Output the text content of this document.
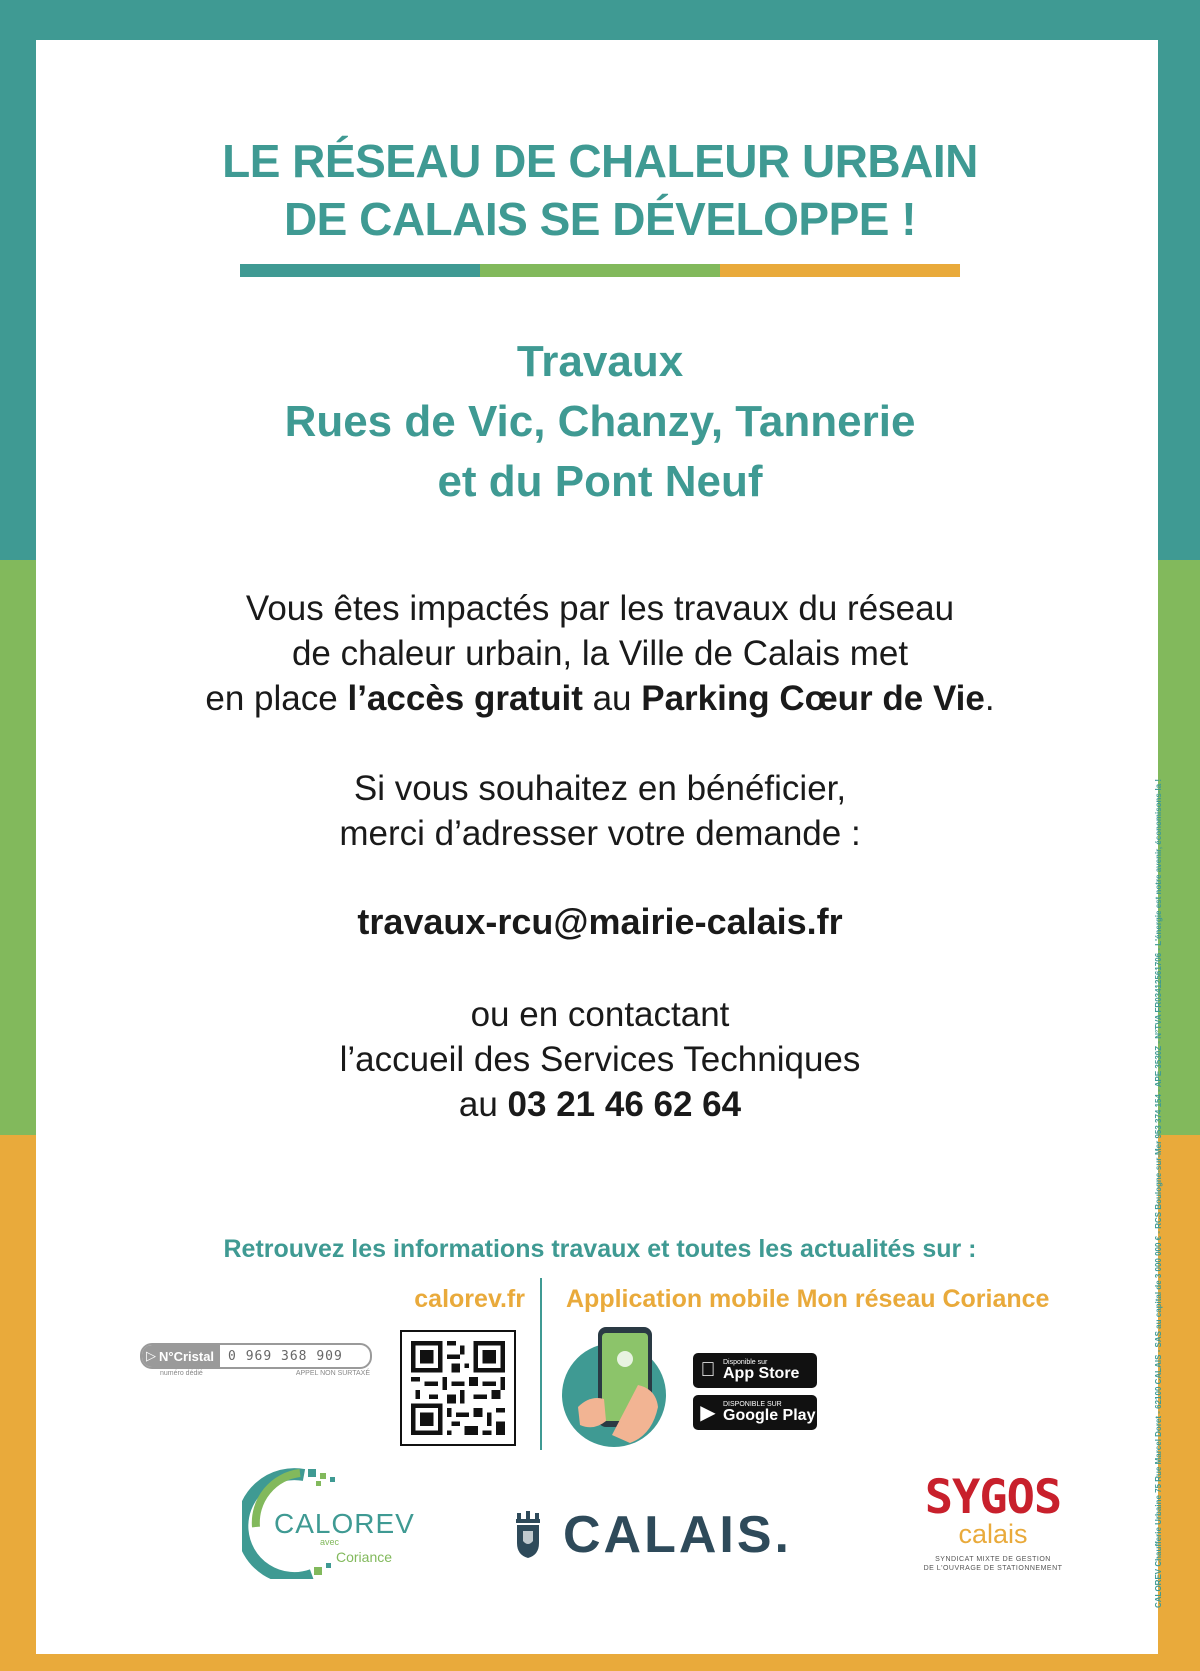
LE RÉSEAU DE CHALEUR URBAIN
DE CALAIS SE DÉVELOPPE !
Travaux
Rues de Vic, Chanzy, Tannerie
et du Pont Neuf
Vous êtes impactés par les travaux du réseau
de chaleur urbain, la Ville de Calais met
en place l’accès gratuit au Parking Cœur de Vie.
Si vous souhaitez en bénéficier,
merci d’adresser votre demande :
travaux-rcu@mairie-calais.fr
ou en contactant
l’accueil des Services Techniques
au 03 21 46 62 64
Retrouvez les informations travaux et toutes les actualités sur :
calorev.fr Application mobile Mon réseau Coriance
▷ N°Cristal	0 969 368 909
numéro dédié	APPEL NON SURTAXÉ
Disponible sur
App Store
▶	DISPONIBLE SUR
Google Play
CALOREV
avec
Coriance	CALAIS.
SYGOS
calais
SYNDICAT MIXTE DE GESTION
DE L'OUVRAGE DE STATIONNEMENT	CALOREV Chaufferie Urbaine 75 Rue Marcel Doret - 62100 CALAIS - SAS au capital de 3 000 000 € - RCS Boulogne-sur-Mer 953 374 154 - APE 3530Z - N°TVA FR03412561706 - L'énergie est notre avenir, économisons-la !
